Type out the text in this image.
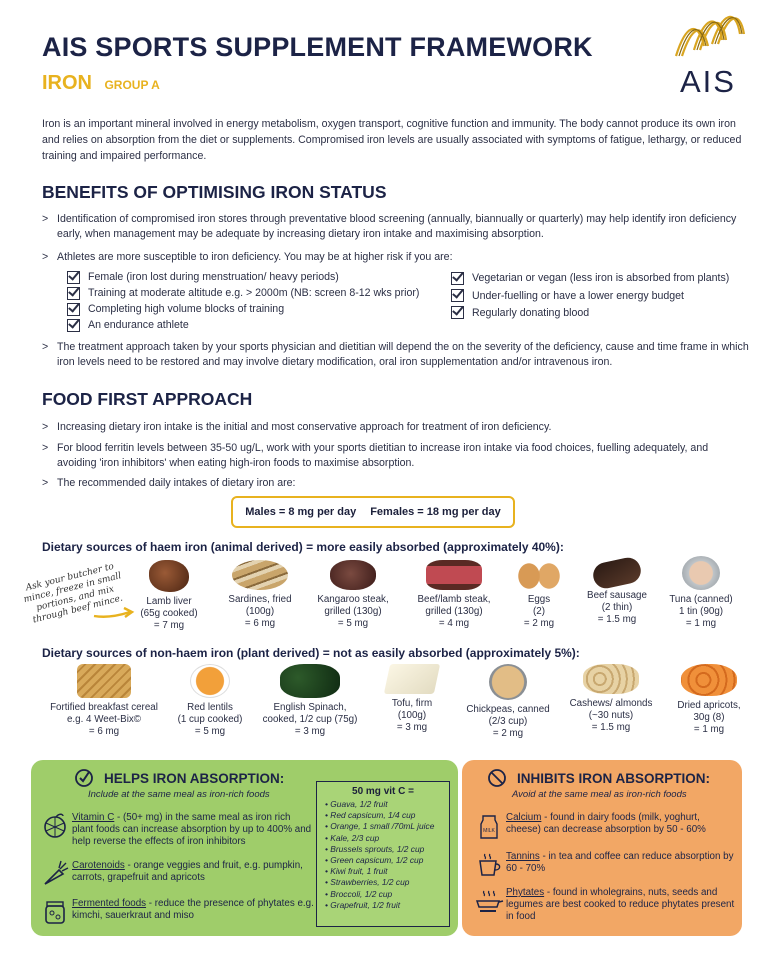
AIS SPORTS SUPPLEMENT FRAMEWORK
IRON GROUP A	AIS
Iron is an important mineral involved in energy metabolism, oxygen transport, cognitive function and immunity. The body cannot produce its own iron and relies on absorption from the diet or supplements. Compromised iron levels are usually associated with symptoms of fatigue, lethargy, or reduced training and impaired performance.
BENEFITS OF OPTIMISING IRON STATUS
> Identification of compromised iron stores through preventative blood screening (annually, biannually or quarterly) may help identify iron deficiency early, when management may be adequate by increasing dietary iron intake and maximising absorption.
> Athletes are more susceptible to iron deficiency. You may be at higher risk if you are:
Female (iron lost during menstruation/ heavy periods)
Training at moderate altitude e.g. > 2000m (NB: screen 8-12 wks prior)
Completing high volume blocks of training
An endurance athlete
Vegetarian or vegan (less iron is absorbed from plants)
Under-fuelling or have a lower energy budget
Regularly donating blood
> The treatment approach taken by your sports physician and dietitian will depend the on the severity of the deficiency, cause and time frame in which iron levels need to be restored and may involve dietary modification, oral iron supplementation and/or intravenous iron.
FOOD FIRST APPROACH
> Increasing dietary iron intake is the initial and most conservative approach for treatment of iron deficiency.
> For blood ferritin levels between 35-50 ug/L, work with your sports dietitian to increase iron intake via food choices, fuelling adequately, and avoiding 'iron inhibitors' when eating high-iron foods to maximise absorption.
> The recommended daily intakes of dietary iron are:
Males = 8 mg per day Females = 18 mg per day
Dietary sources of haem iron (animal derived) = more easily absorbed (approximately 40%):
Ask your butcher to mince, freeze in small portions, and mix through beef mince.	Lamb liver
(65g cooked)
= 7 mg
Sardines, fried
(100g)
= 6 mg
Kangaroo steak,
grilled (130g)
= 5 mg
Beef/lamb steak,
grilled (130g)
= 4 mg
Eggs
(2)
= 2 mg
Beef sausage
(2 thin)
= 1.5 mg
Tuna (canned)
1 tin (90g)
= 1 mg
Dietary sources of non-haem iron (plant derived) = not as easily absorbed (approximately 5%):
Fortified breakfast cereal
e.g. 4 Weet-Bix©
= 6 mg
Red lentils
(1 cup cooked)
= 5 mg
English Spinach,
cooked, 1/2 cup (75g)
= 3 mg
Tofu, firm
(100g)
= 3 mg
Chickpeas, canned
(2/3 cup)
= 2 mg
Cashews/ almonds
(~30 nuts)
= 1.5 mg
Dried apricots,
30g (8)
= 1 mg
HELPS IRON ABSORPTION:
Include at the same meal as iron-rich foods
Vitamin C - (50+ mg) in the same meal as iron rich plant foods can increase absorption by up to 400% and help reverse the effects of iron inhibitors
Carotenoids - orange veggies and fruit, e.g. pumpkin, carrots, grapefruit and apricots
Fermented foods - reduce the presence of phytates e.g. kimchi, sauerkraut and miso
50 mg vit C =
• Guava, 1/2 fruit
• Red capsicum, 1/4 cup
• Orange, 1 small /70mL juice
• Kale, 2/3 cup
• Brussels sprouts, 1/2 cup
• Green capsicum, 1/2 cup
• Kiwi fruit, 1 fruit
• Strawberries, 1/2 cup
• Broccoli, 1/2 cup
• Grapefruit, 1/2 fruit
INHIBITS IRON ABSORPTION:
Avoid at the same meal as iron-rich foods
MILK
Calcium - found in dairy foods (milk, yoghurt, cheese) can decrease absorption by 50 - 60%
Tannins - in tea and coffee can reduce absorption by 60 - 70%
Phytates - found in wholegrains, nuts, seeds and legumes are best cooked to reduce phytates present in food
